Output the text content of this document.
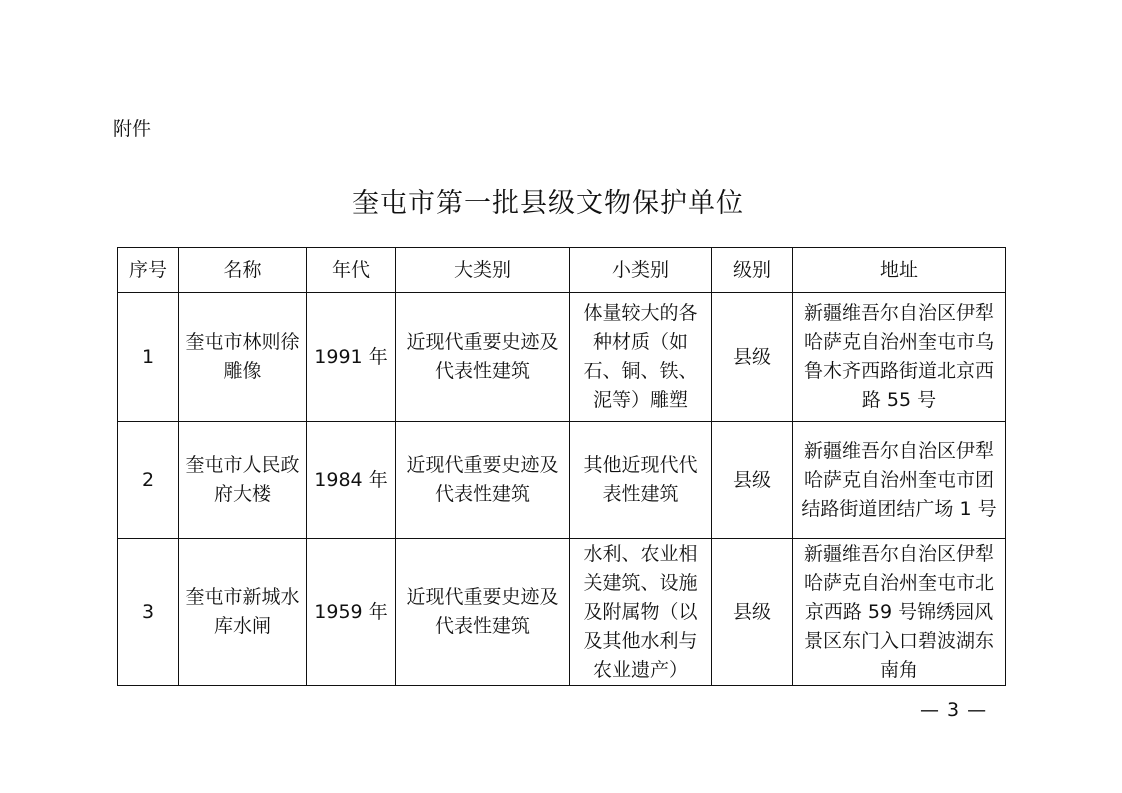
附件
奎屯市第一批县级文物保护单位
序号	名称	年代	大类别	小类别	级别	地址
1	奎屯市林则徐雕像	1991 年	近现代重要史迹及代表性建筑	体量较大的各种材质（如石、铜、铁、泥等）雕塑	县级	新疆维吾尔自治区伊犁哈萨克自治州奎屯市乌鲁木齐西路街道北京西路 55 号
2	奎屯市人民政府大楼	1984 年	近现代重要史迹及代表性建筑	其他近现代代表性建筑	县级	新疆维吾尔自治区伊犁哈萨克自治州奎屯市团结路街道团结广场 1 号
3	奎屯市新城水库水闸	1959 年	近现代重要史迹及代表性建筑	水利、农业相关建筑、设施及附属物（以及其他水利与农业遗产）	县级	新疆维吾尔自治区伊犁哈萨克自治州奎屯市北京西路 59 号锦绣园风景区东门入口碧波湖东南角
— 3 —
